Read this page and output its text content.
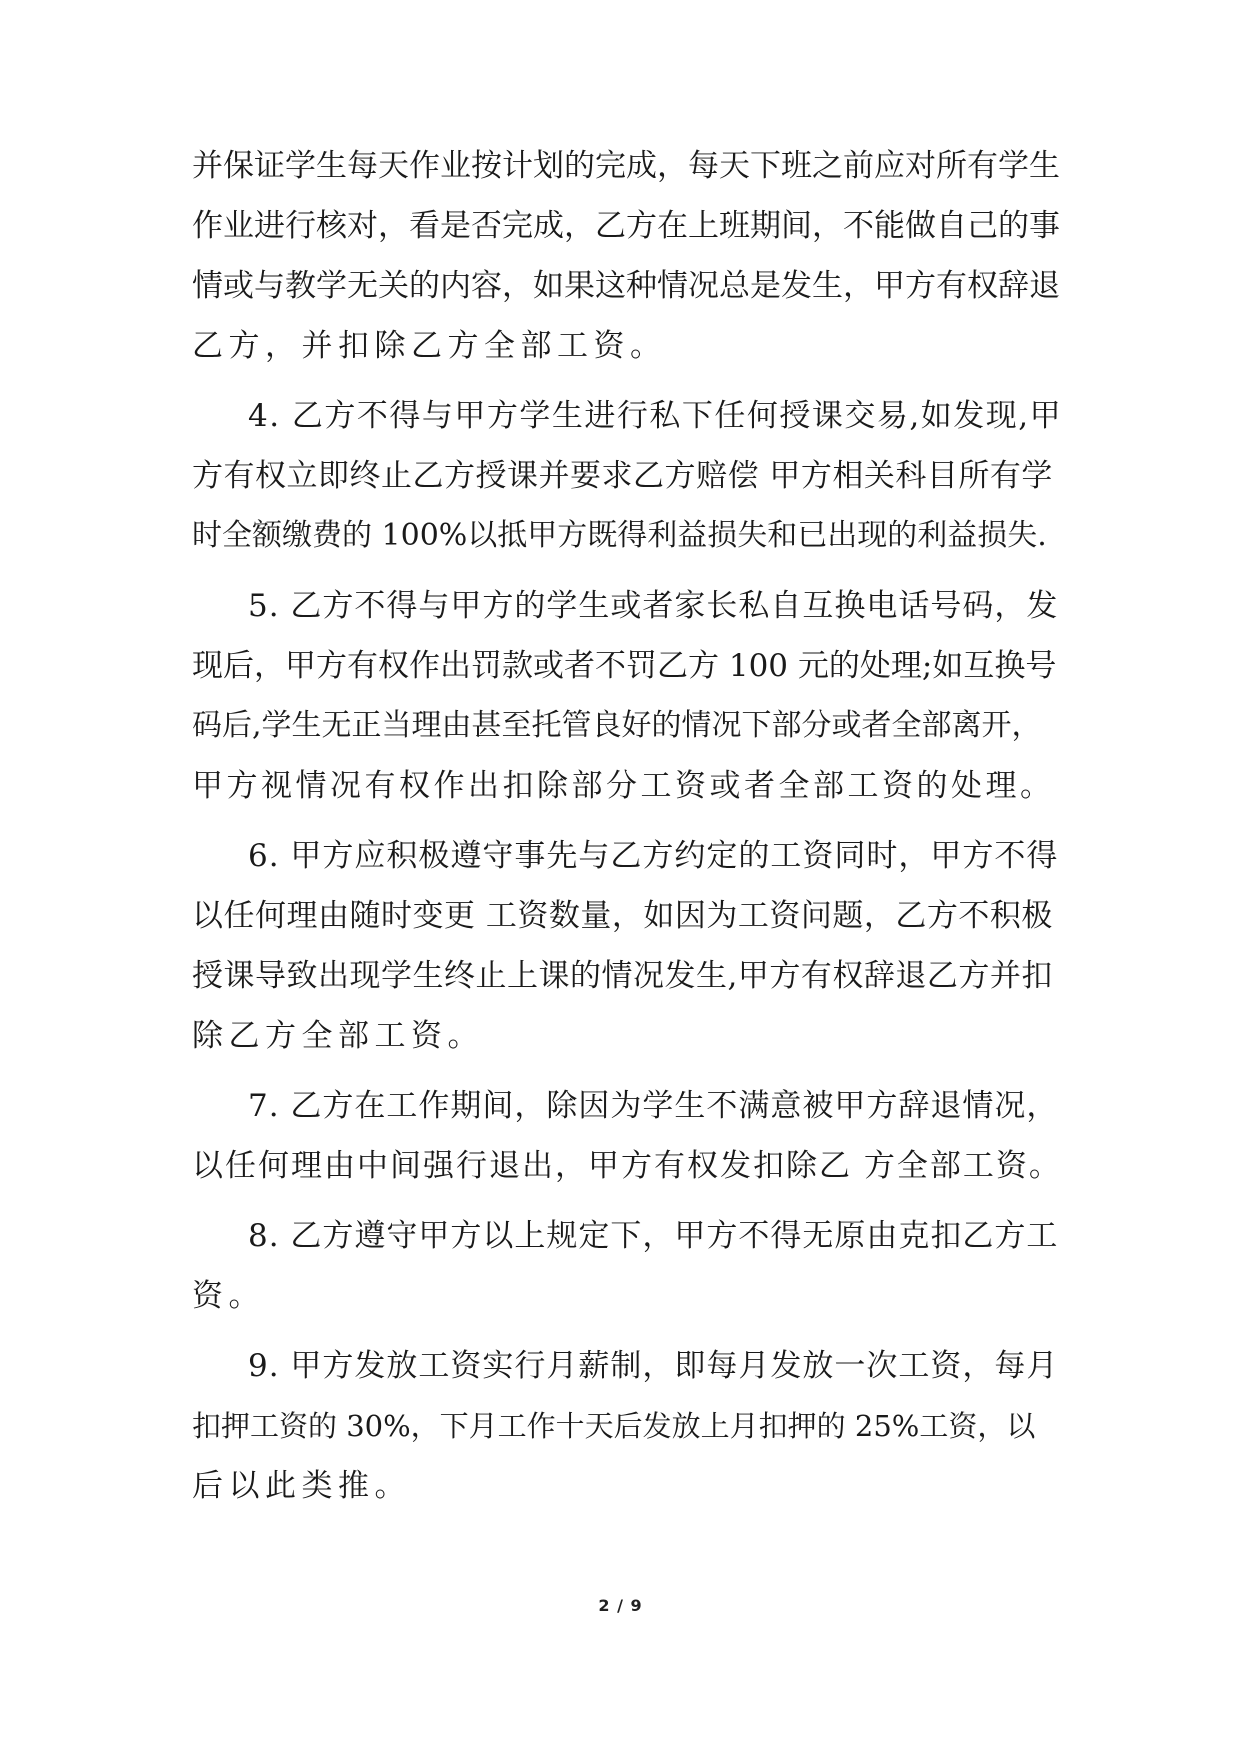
并保证学生每天作业按计划的完成，每天下班之前应对所有学生
作业进行核对，看是否完成，乙方在上班期间，不能做自己的事
情或与教学无关的内容，如果这种情况总是发生，甲方有权辞退
乙方，并扣除乙方全部工资。
4. 乙方不得与甲方学生进行私下任何授课交易,如发现,甲
方有权立即终止乙方授课并要求乙方赔偿 甲方相关科目所有学
时全额缴费的 100%以抵甲方既得利益损失和已出现的利益损失.
5. 乙方不得与甲方的学生或者家长私自互换电话号码，发
现后，甲方有权作出罚款或者不罚乙方 100 元的处理;如互换号
码后,学生无正当理由甚至托管良好的情况下部分或者全部离开，
甲方视情况有权作出扣除部分工资或者全部工资的处理。
6. 甲方应积极遵守事先与乙方约定的工资同时，甲方不得
以任何理由随时变更 工资数量，如因为工资问题，乙方不积极
授课导致出现学生终止上课的情况发生,甲方有权辞退乙方并扣
除乙方全部工资。
7. 乙方在工作期间，除因为学生不满意被甲方辞退情况，
以任何理由中间强行退出，甲方有权发扣除乙 方全部工资。
8. 乙方遵守甲方以上规定下，甲方不得无原由克扣乙方工
资。
9. 甲方发放工资实行月薪制，即每月发放一次工资，每月
扣押工资的 30%，下月工作十天后发放上月扣押的 25%工资，以
后以此类推。
2 / 9
